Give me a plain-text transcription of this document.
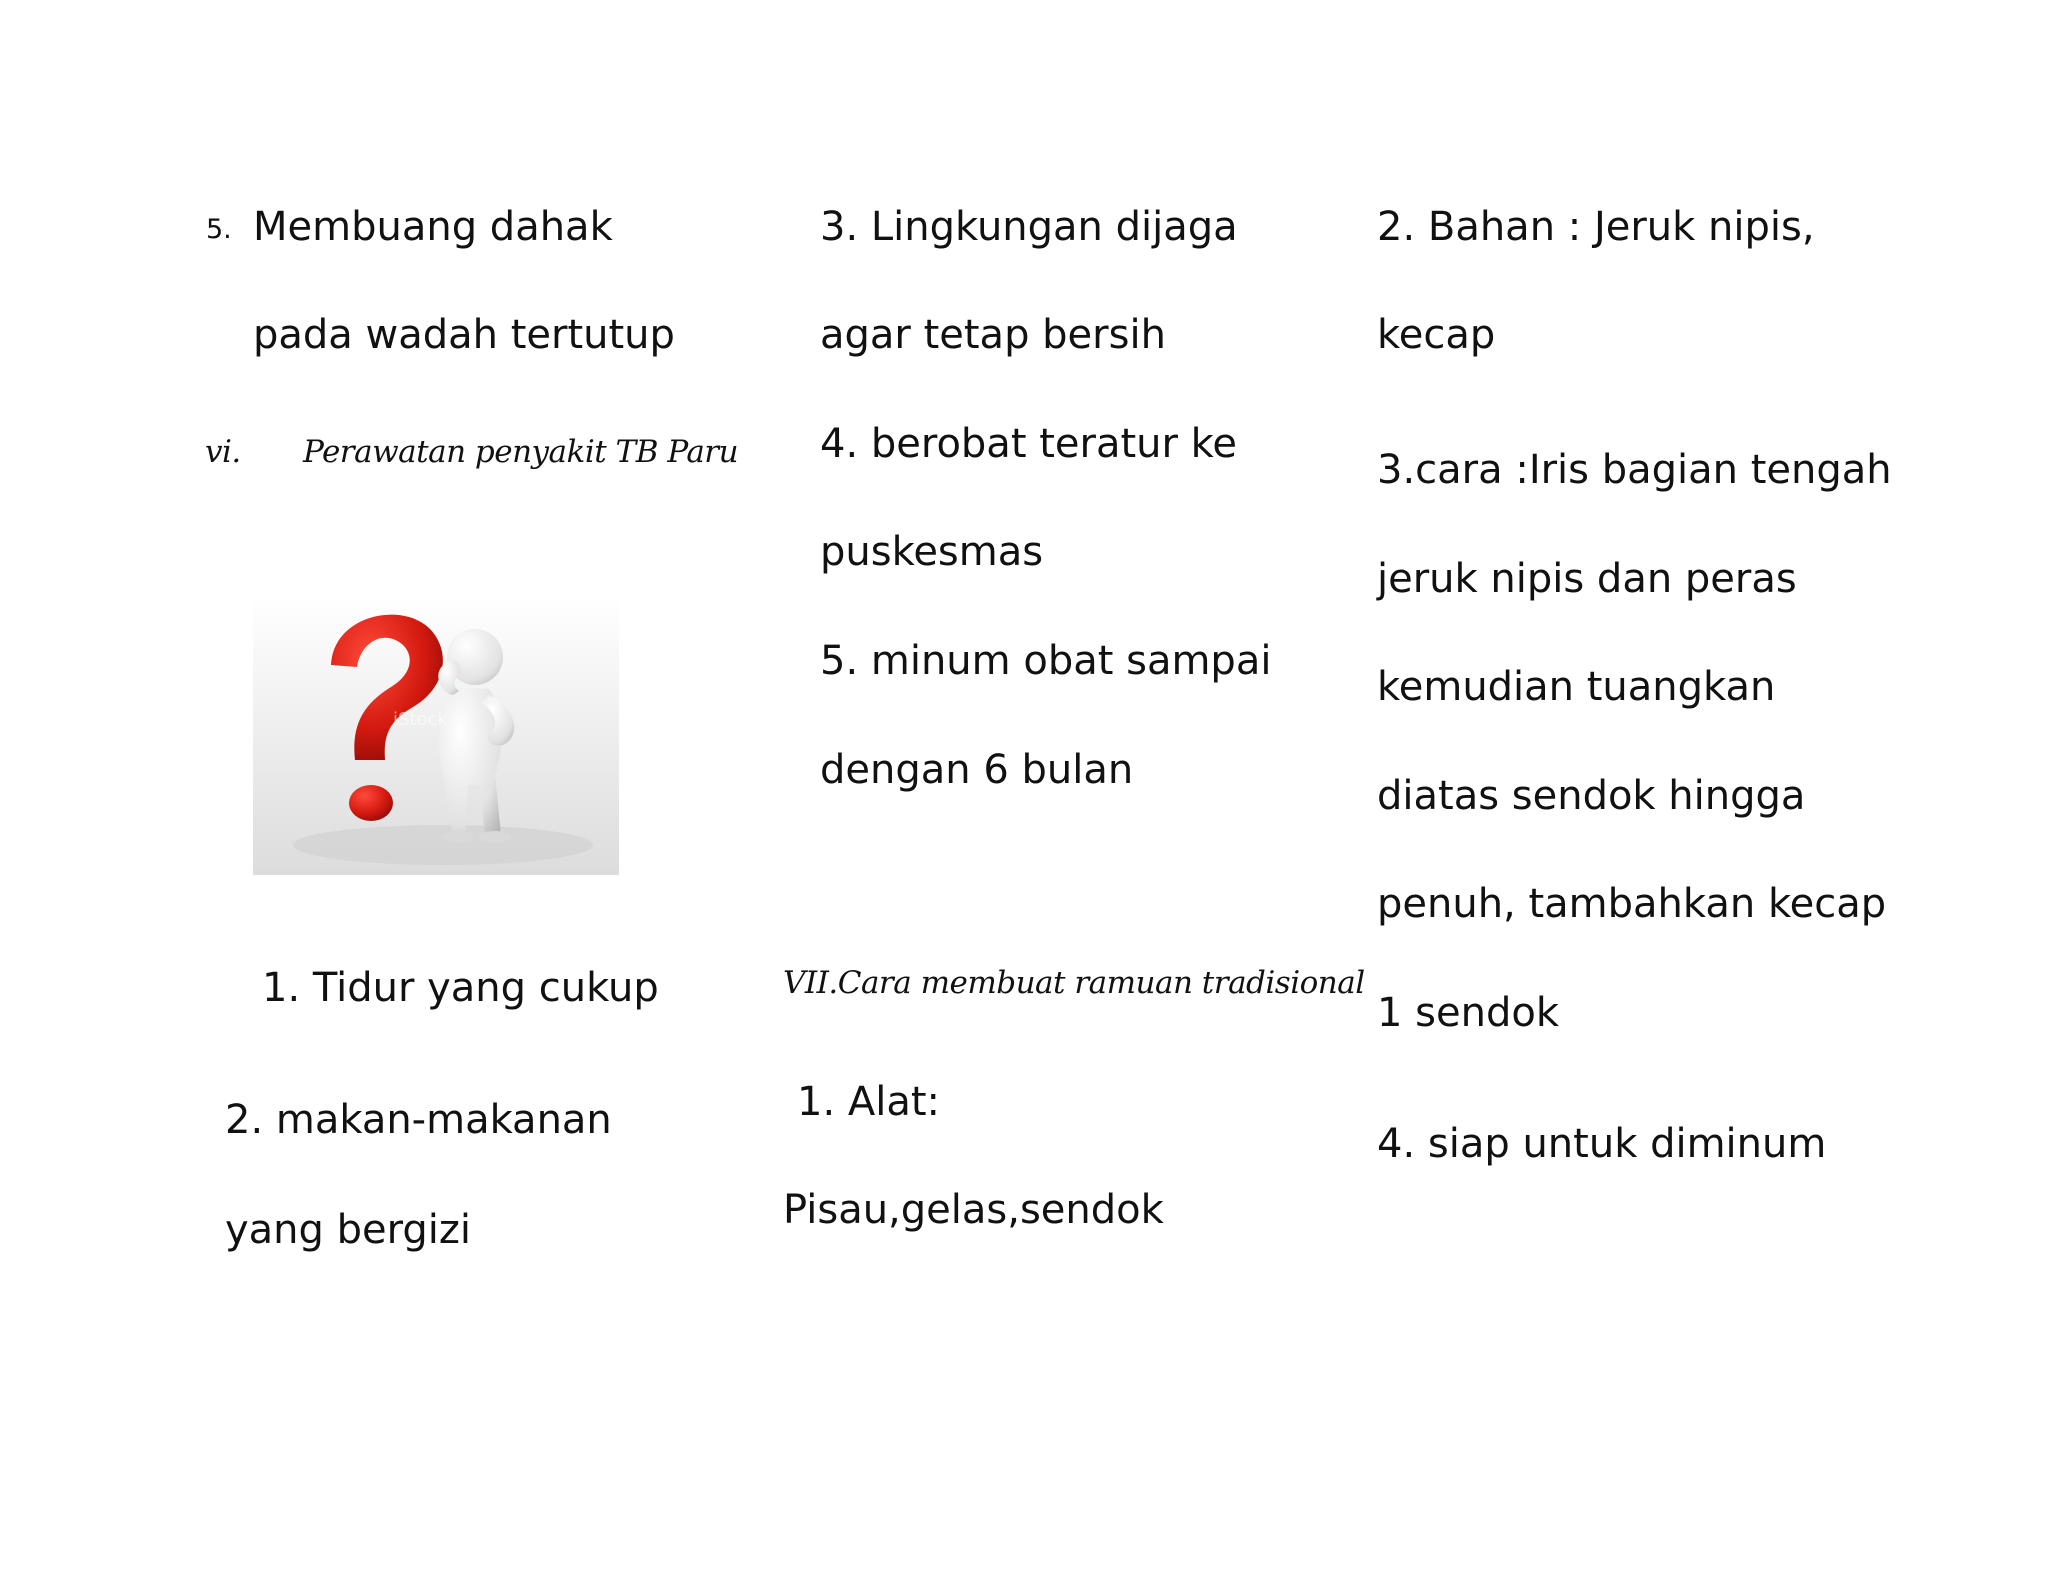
5. Membuang dahak
pada wadah tertutup
vi. Perawatan penyakit TB Paru
iStock
1. Tidur yang cukup
2. makan-makanan
yang bergizi
3. Lingkungan dijaga
agar tetap bersih
4. berobat teratur ke
puskesmas
5. minum obat sampai
dengan 6 bulan
VII.Cara membuat ramuan tradisional
1. Alat:
Pisau,gelas,sendok
2. Bahan : Jeruk nipis,
kecap
3.cara :Iris bagian tengah
jeruk nipis dan peras
kemudian tuangkan
diatas sendok hingga
penuh, tambahkan kecap
1 sendok
4. siap untuk diminum
